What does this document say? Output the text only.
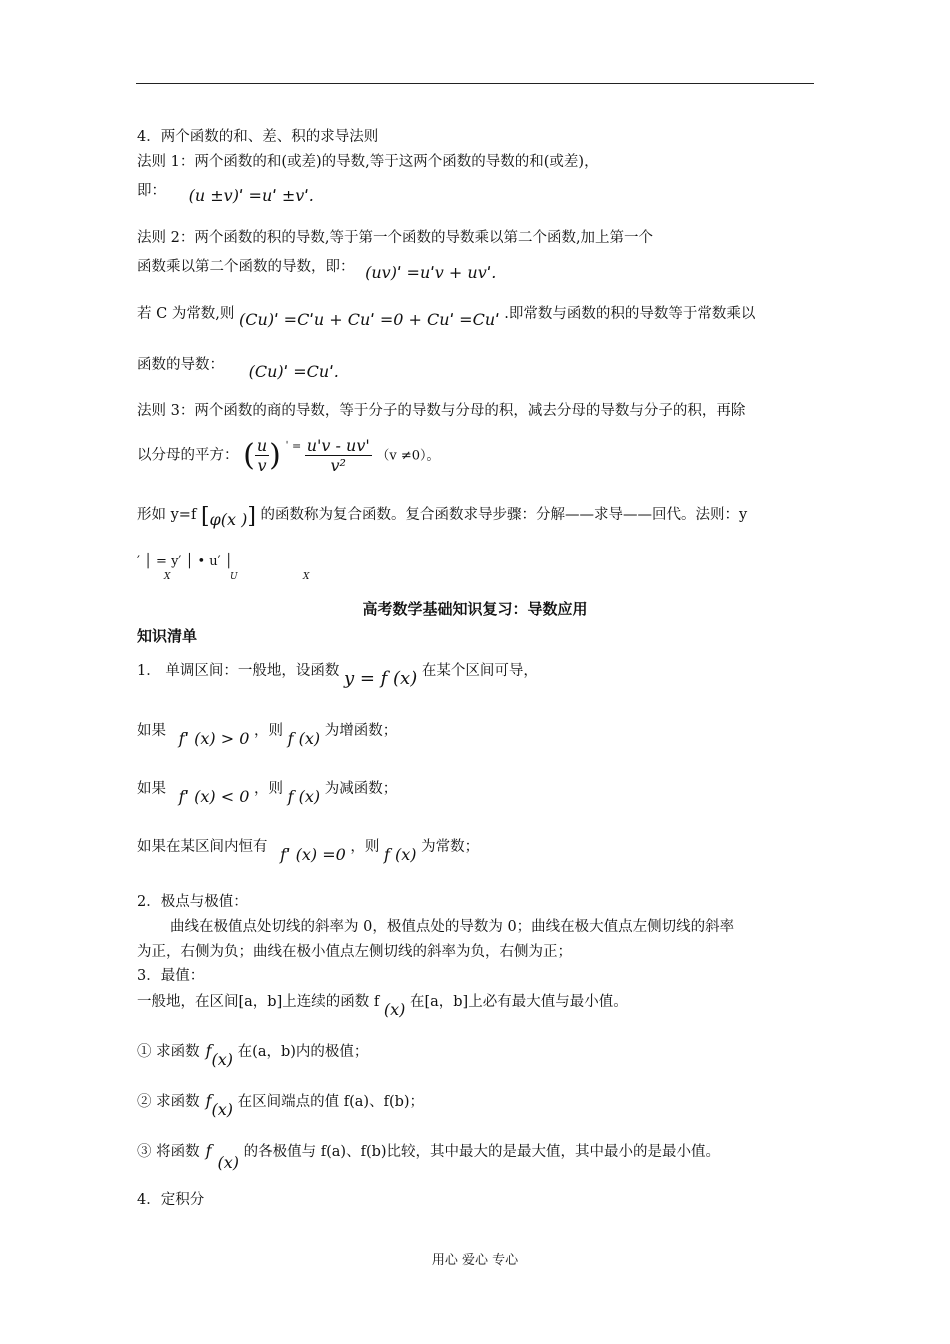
4．两个函数的和、差、积的求导法则
法则 1：两个函数的和(或差)的导数,等于这两个函数的导数的和(或差)，
即： (u ±v)ˈ =uˈ ±vˈ.
法则 2：两个函数的积的导数,等于第一个函数的导数乘以第二个函数,加上第一个
函数乘以第二个函数的导数，即： (uv)ˈ =uˈv + uvˈ.
若 C 为常数,则 (Cu)ˈ =Cˈu + Cuˈ =0 + Cuˈ =Cuˈ .即常数与函数的积的导数等于常数乘以
函数的导数： (Cu)ˈ =Cuˈ.
法则 3：两个函数的商的导数，等于分子的导数与分母的积，减去分母的导数与分子的积，再除
以分母的平方： ( $\frac{u}{v}$ ) $^{ˈ =} \frac{u'v - uv'}{\text{v²}} (v \ne 0)$。
形如 y=f [φ(x )] 的函数称为复合函数。复合函数求导步骤：分解——求导——回代。法则：y
′ │ = y′ │ • u′ │
X	U	X
高考数学基础知识复习：导数应用
知识清单
1． 单调区间：一般地，设函数 y = f (x) 在某个区间可导，
如果 fˈ (x) > 0 ，则 f (x) 为增函数；
如果 fˈ (x) < 0 ，则 f (x) 为减函数；
如果在某区间内恒有 fˈ (x) =0 ，则 f (x) 为常数；
2．极点与极值：
曲线在极值点处切线的斜率为 0，极值点处的导数为 0；曲线在极大值点左侧切线的斜率
为正，右侧为负；曲线在极小值点左侧切线的斜率为负，右侧为正；
3．最值：
一般地，在区间[a，b]上连续的函数 f (x) 在[a，b]上必有最大值与最小值。
① 求函数 f(x) 在(a，b)内的极值；
② 求函数 f(x) 在区间端点的值 f(a)、f(b)；
③ 将函数 f(x) 的各极值与 f(a)、f(b)比较，其中最大的是最大值，其中最小的是最小值。
4．定积分
用心 爱心 专心
